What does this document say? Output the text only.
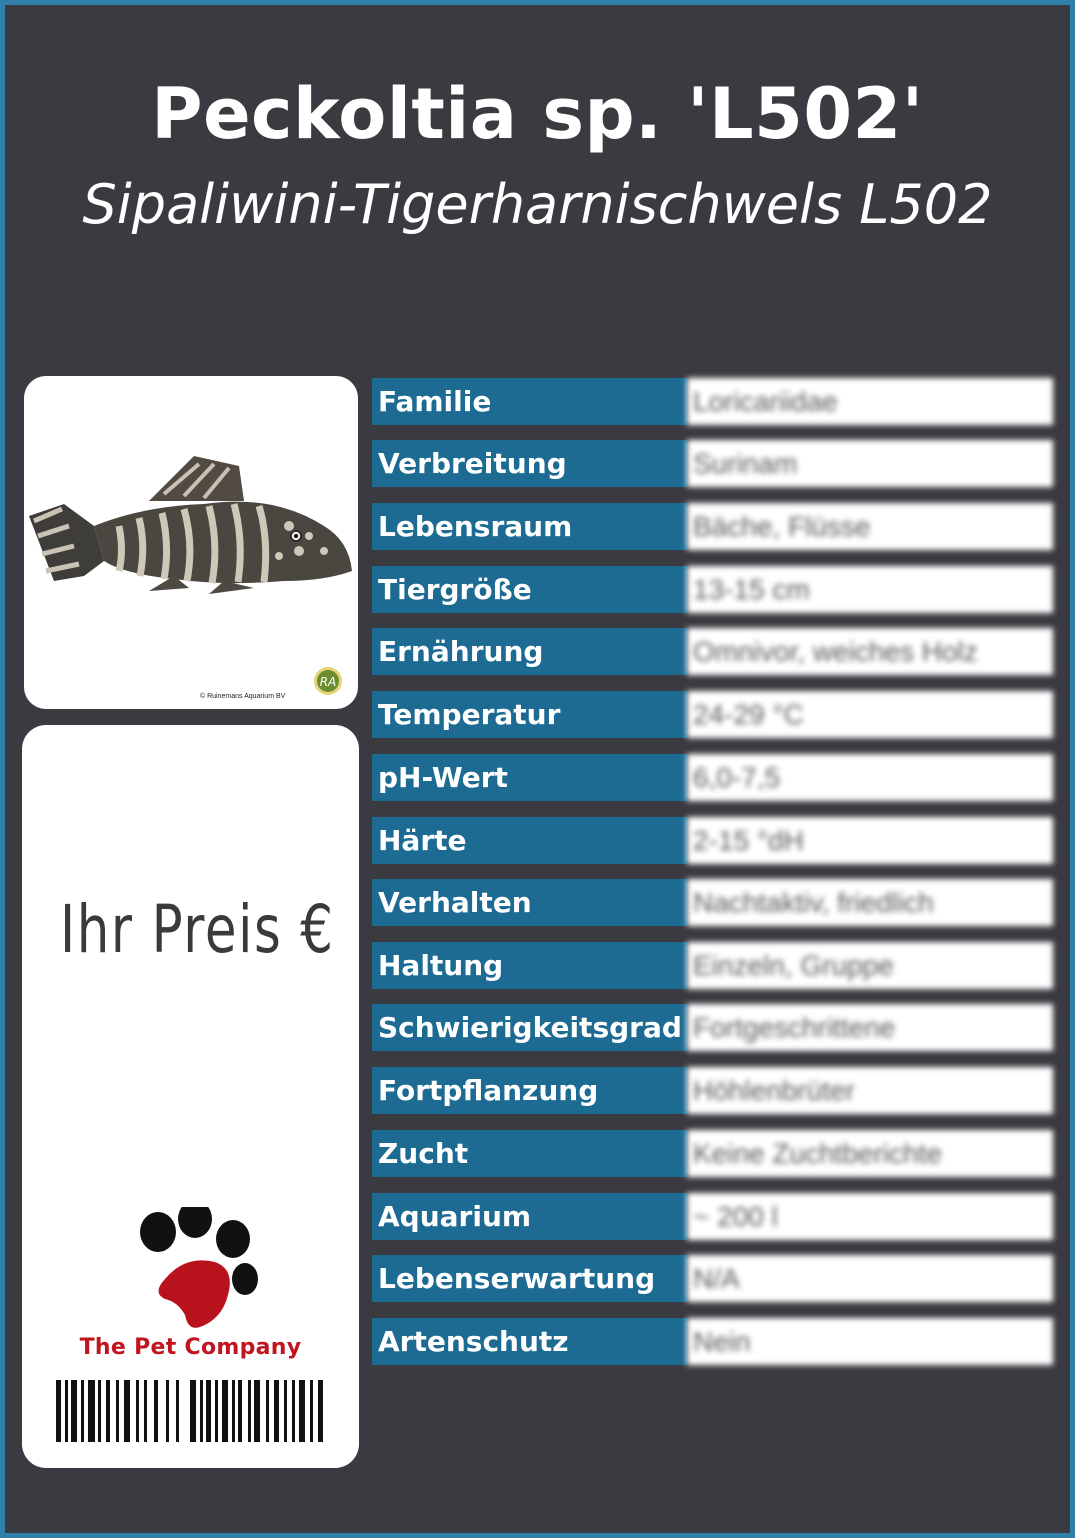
Peckoltia sp. 'L502'
Sipaliwini-Tigerharnischwels L502
© Ruinemans Aquarium BV
RA
Ihr Preis €
The Pet Company
Familie	Loricariidae
Verbreitung	Surinam
Lebensraum	Bäche, Flüsse
Tiergröße	13-15 cm
Ernährung	Omnivor, weiches Holz
Temperatur	24-29 °C
pH-Wert	6,0-7,5
Härte	2-15 °dH
Verhalten	Nachtaktiv, friedlich
Haltung	Einzeln, Gruppe
Schwierigkeitsgrad Fortgeschrittene
Fortpflanzung	Höhlenbrüter
Zucht	Keine Zuchtberichte
Aquarium	~ 200 l
Lebenserwartung	N/A
Artenschutz	Nein
